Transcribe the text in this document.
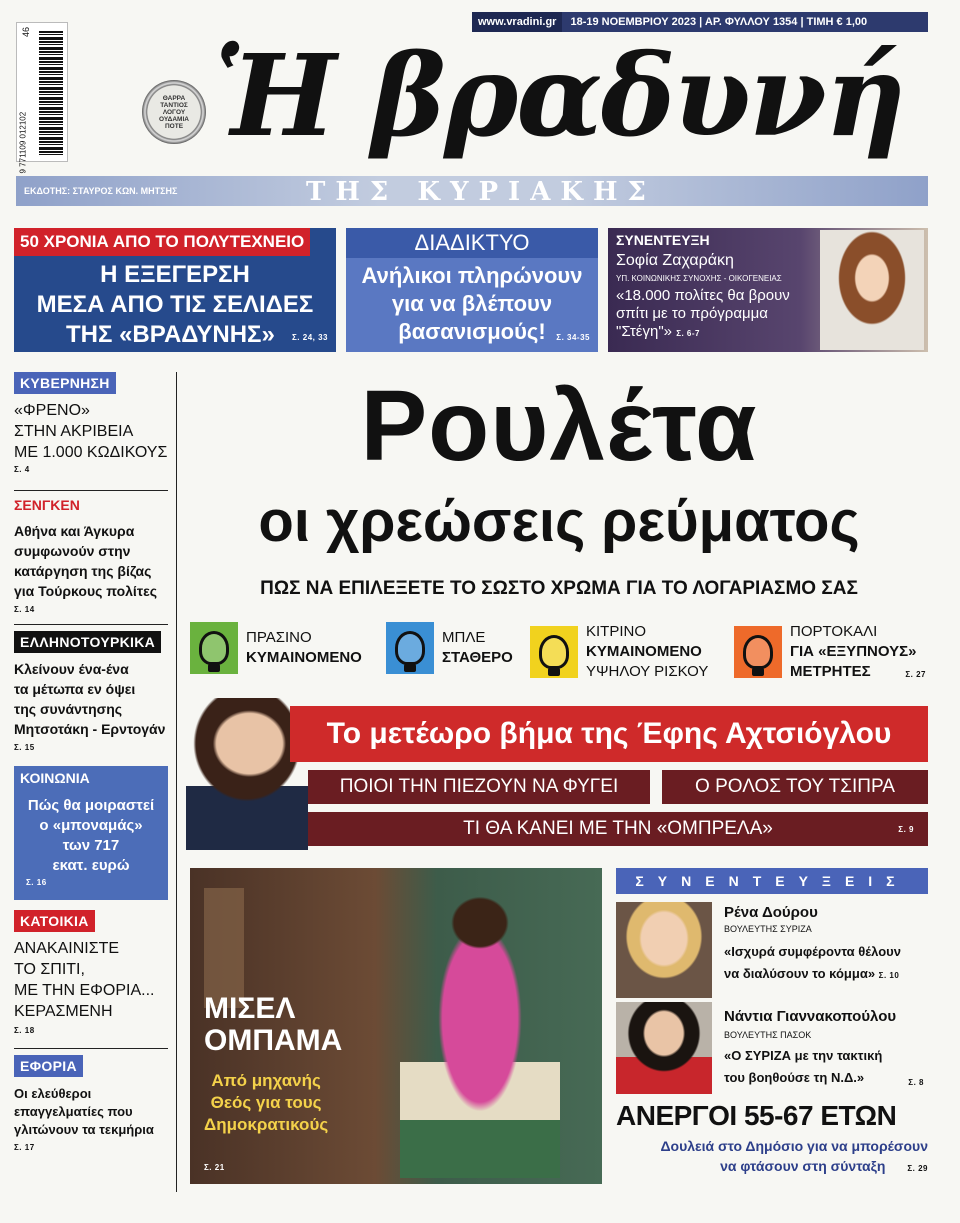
46
9 771109 012102
www.vradini.gr	18-19 ΝΟΕΜΒΡΙΟΥ 2023 | ΑΡ. ΦΥΛΛΟΥ 1354 | ΤΙΜΗ € 1,00
ΘΑΡΡΑ ΤΑΝΤΙΟΣ ΛΟΓΟΥ ΟΥΔΑΜΙΑ ΠΟΤΕ Ἡ βραδυνή
ΕΚΔΟΤΗΣ: ΣΤΑΥΡΟΣ ΚΩΝ. ΜΗΤΣΗΣ	ΤΗΣ ΚΥΡΙΑΚΗΣ
50 ΧΡΟΝΙΑ ΑΠΟ ΤΟ ΠΟΛΥΤΕΧΝΕΙΟ
Η ΕΞΕΓΕΡΣΗ
ΜΕΣΑ ΑΠΟ ΤΙΣ ΣΕΛΙΔΕΣ
ΤΗΣ «ΒΡΑΔΥΝΗΣ»	Σ. 24, 33
ΔΙΑΔΙΚΤΥΟ
Ανήλικοι πληρώνουν
για να βλέπουν
βασανισμούς!	Σ. 34-35
ΣΥΝΕΝΤΕΥΞΗ
Σοφία Ζαχαράκη
ΥΠ. ΚΟΙΝΩΝΙΚΗΣ ΣΥΝΟΧΗΣ - ΟΙΚΟΓΕΝΕΙΑΣ
«18.000 πολίτες θα βρουν
σπίτι με το πρόγραμμα
"Στέγη"» Σ. 6-7
ΚΥΒΕΡΝΗΣΗ
«ΦΡΕΝΟ»
ΣΤΗΝ ΑΚΡΙΒΕΙΑ
ΜΕ 1.000 ΚΩΔΙΚΟΥΣ
Σ. 4
ΣΕΝΓΚΕΝ
Αθήνα και Άγκυρα
συμφωνούν στην
κατάργηση της βίζας
για Τούρκους πολίτες
Σ. 14
ΕΛΛΗΝΟΤΟΥΡΚΙΚΑ
Κλείνουν ένα-ένα
τα μέτωπα εν όψει
της συνάντησης
Μητσοτάκη - Ερντογάν
Σ. 15
ΚΟΙΝΩΝΙΑ
Πώς θα μοιραστεί
ο «μποναμάς»
των 717
εκατ. ευρώ
Σ. 16
ΚΑΤΟΙΚΙΑ
ΑΝΑΚΑΙΝΙΣΤΕ
ΤΟ ΣΠΙΤΙ,
ΜΕ ΤΗΝ ΕΦΟΡΙΑ...
ΚΕΡΑΣΜΕΝΗ
Σ. 18
ΕΦΟΡΙΑ
Οι ελεύθεροι
επαγγελματίες που
γλιτώνουν τα τεκμήρια
Σ. 17
Ρουλέτα
οι χρεώσεις ρεύματος
ΠΩΣ ΝΑ ΕΠΙΛΕΞΕΤΕ ΤΟ ΣΩΣΤΟ ΧΡΩΜΑ ΓΙΑ ΤΟ ΛΟΓΑΡΙΑΣΜΟ ΣΑΣ
ΠΡΑΣΙΝΟ
ΚΥΜΑΙΝΟΜΕΝΟ
ΜΠΛΕ
ΣΤΑΘΕΡΟ
ΚΙΤΡΙΝΟ
ΚΥΜΑΙΝΟΜΕΝΟ
ΥΨΗΛΟΥ ΡΙΣΚΟΥ
ΠΟΡΤΟΚΑΛΙ
ΓΙΑ «ΕΞΥΠΝΟΥΣ»
ΜΕΤΡΗΤΕΣ	Σ. 27
Το μετέωρο βήμα της Έφης Αχτσιόγλου
ΠΟΙΟΙ ΤΗΝ ΠΙΕΖΟΥΝ ΝΑ ΦΥΓΕΙ	Ο ΡΟΛΟΣ ΤΟΥ ΤΣΙΠΡΑ
ΤΙ ΘΑ ΚΑΝΕΙ ΜΕ ΤΗΝ «ΟΜΠΡΕΛΑ»	Σ. 9
ΜΙΣΕΛ
ΟΜΠΑΜΑ
Από μηχανής
Θεός για τους
Δημοκρατικούς
Σ. 21
ΣΥΝΕΝΤΕΥΞΕΙΣ
Ρένα Δούρου
ΒΟΥΛΕΥΤΗΣ ΣΥΡΙΖΑ
«Ισχυρά συμφέροντα θέλουν
να διαλύσουν το κόμμα» Σ. 10
Νάντια Γιαννακοπούλου
ΒΟΥΛΕΥΤΗΣ ΠΑΣΟΚ
«Ο ΣΥΡΙΖΑ με την τακτική
του βοηθούσε τη Ν.Δ.»	Σ. 8
ΑΝΕΡΓΟΙ 55-67 ΕΤΩΝ
Δουλειά στο Δημόσιο για να μπορέσουν
να φτάσουν στη σύνταξη	Σ. 29
